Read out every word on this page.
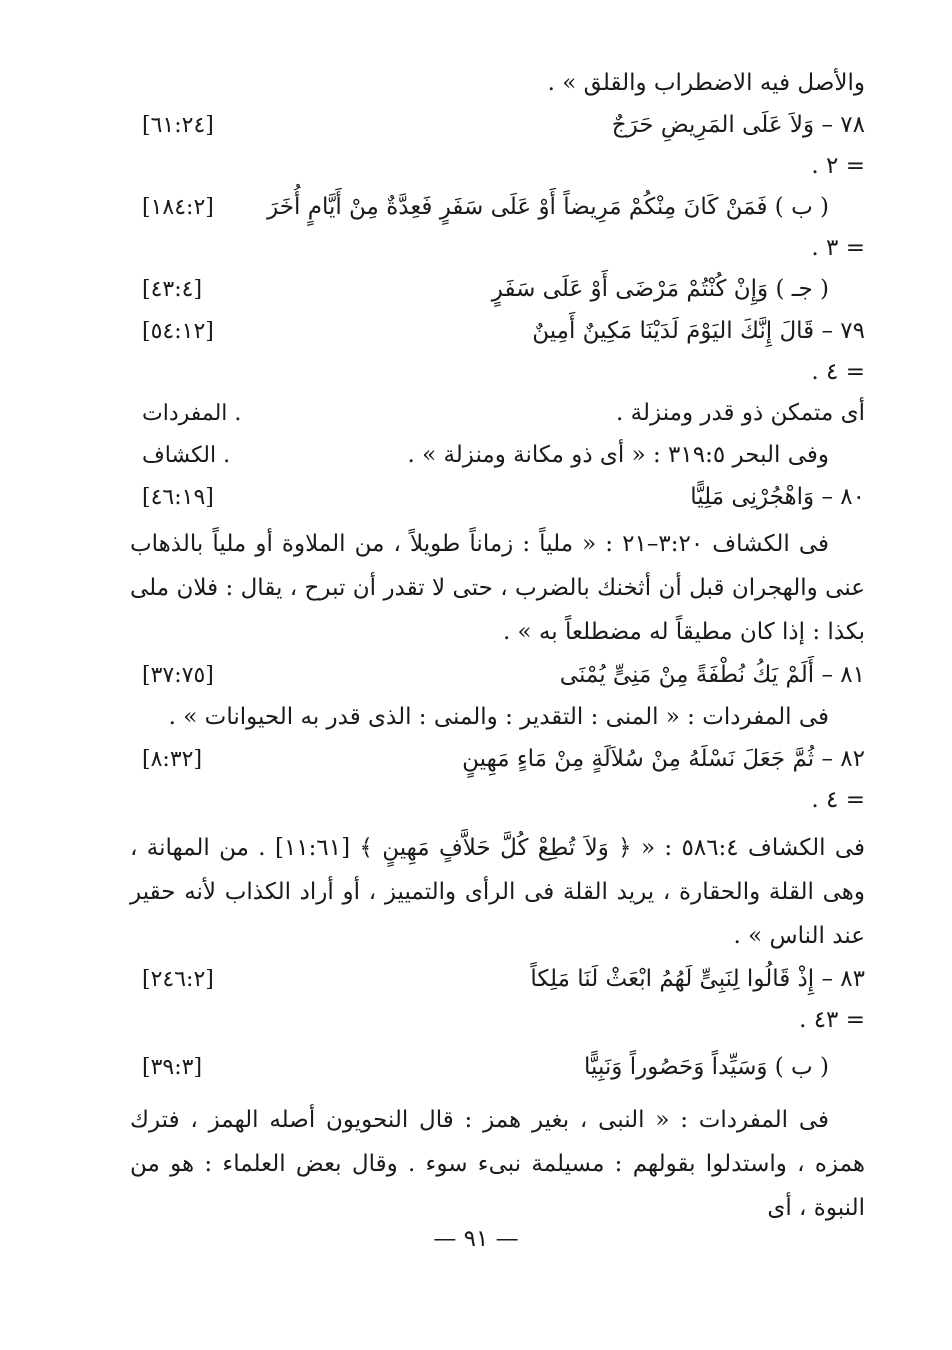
والأصل فيه الاضطراب والقلق » .
٧٨ – وَلاَ عَلَى المَرِيضِ حَرَجٌ
[٦١:٢٤]
= ٢ .
( ب ) فَمَنْ كَانَ مِنْكُمْ مَرِيضاً أَوْ عَلَى سَفَرٍ فَعِدَّةٌ مِنْ أَيَّامٍ أُخَرَ
[١٨٤:٢]
= ٣ .
( جـ ) وَإِنْ كُنْتُمْ مَرْضَى أَوْ عَلَى سَفَرٍ
[٤٣:٤]
٧٩ – قَالَ إِنَّكَ اليَوْمَ لَدَيْنَا مَكِينٌ أَمِينٌ
[٥٤:١٢]
= ٤ .
أى متمكن ذو قدر ومنزلة .
المفردات .
وفى البحر ٣١٩:٥ : « أى ذو مكانة ومنزلة » .
الكشاف .
٨٠ – وَاهْجُرْنِى مَلِيًّا
[٤٦:١٩]

فى الكشاف ٣:٢٠–٢١ : « ملياً : زماناً طويلاً ، من الملاوة أو ملياً بالذهاب عنى والهجران قبل أن أثخنك بالضرب ، حتى لا تقدر أن تبرح ، يقال : فلان ملى بكذا : إذا كان مطيقاً له مضطلعاً به » .

٨١ – أَلَمْ يَكُ نُطْفَةً مِنْ مَنِىٍّ يُمْنَى
[٣٧:٧٥]
فى المفردات : « المنى : التقدير : والمنى : الذى قدر به الحيوانات » .
٨٢ – ثُمَّ جَعَلَ نَسْلَهُ مِنْ سُلاَلَةٍ مِنْ مَاءٍ مَهِينٍ
[٨:٣٢]
= ٤ .

فى الكشاف ٥٨٦:٤ : « ﴿ وَلاَ تُطِعْ كُلَّ حَلاَّفٍ مَهِينٍ ﴾ [١١:٦١] . من المهانة ، وهى القلة والحقارة ، يريد القلة فى الرأى والتمييز ، أو أراد الكذاب لأنه حقير عند الناس » .

٨٣ – إِذْ قَالُوا لِنَبِىٍّ لَهُمُ ابْعَثْ لَنَا مَلِكاً
[٢٤٦:٢]
= ٤٣ .
( ب ) وَسَيِّداً وَحَصُوراً وَنَبِيًّا
[٣٩:٣]

فى المفردات : « النبى ، بغير همز : قال النحويون أصله الهمز ، فترك همزه ، واستدلوا بقولهم : مسيلمة نبىء سوء . وقال بعض العلماء : هو من النبوة ، أى

— ٩١ —
